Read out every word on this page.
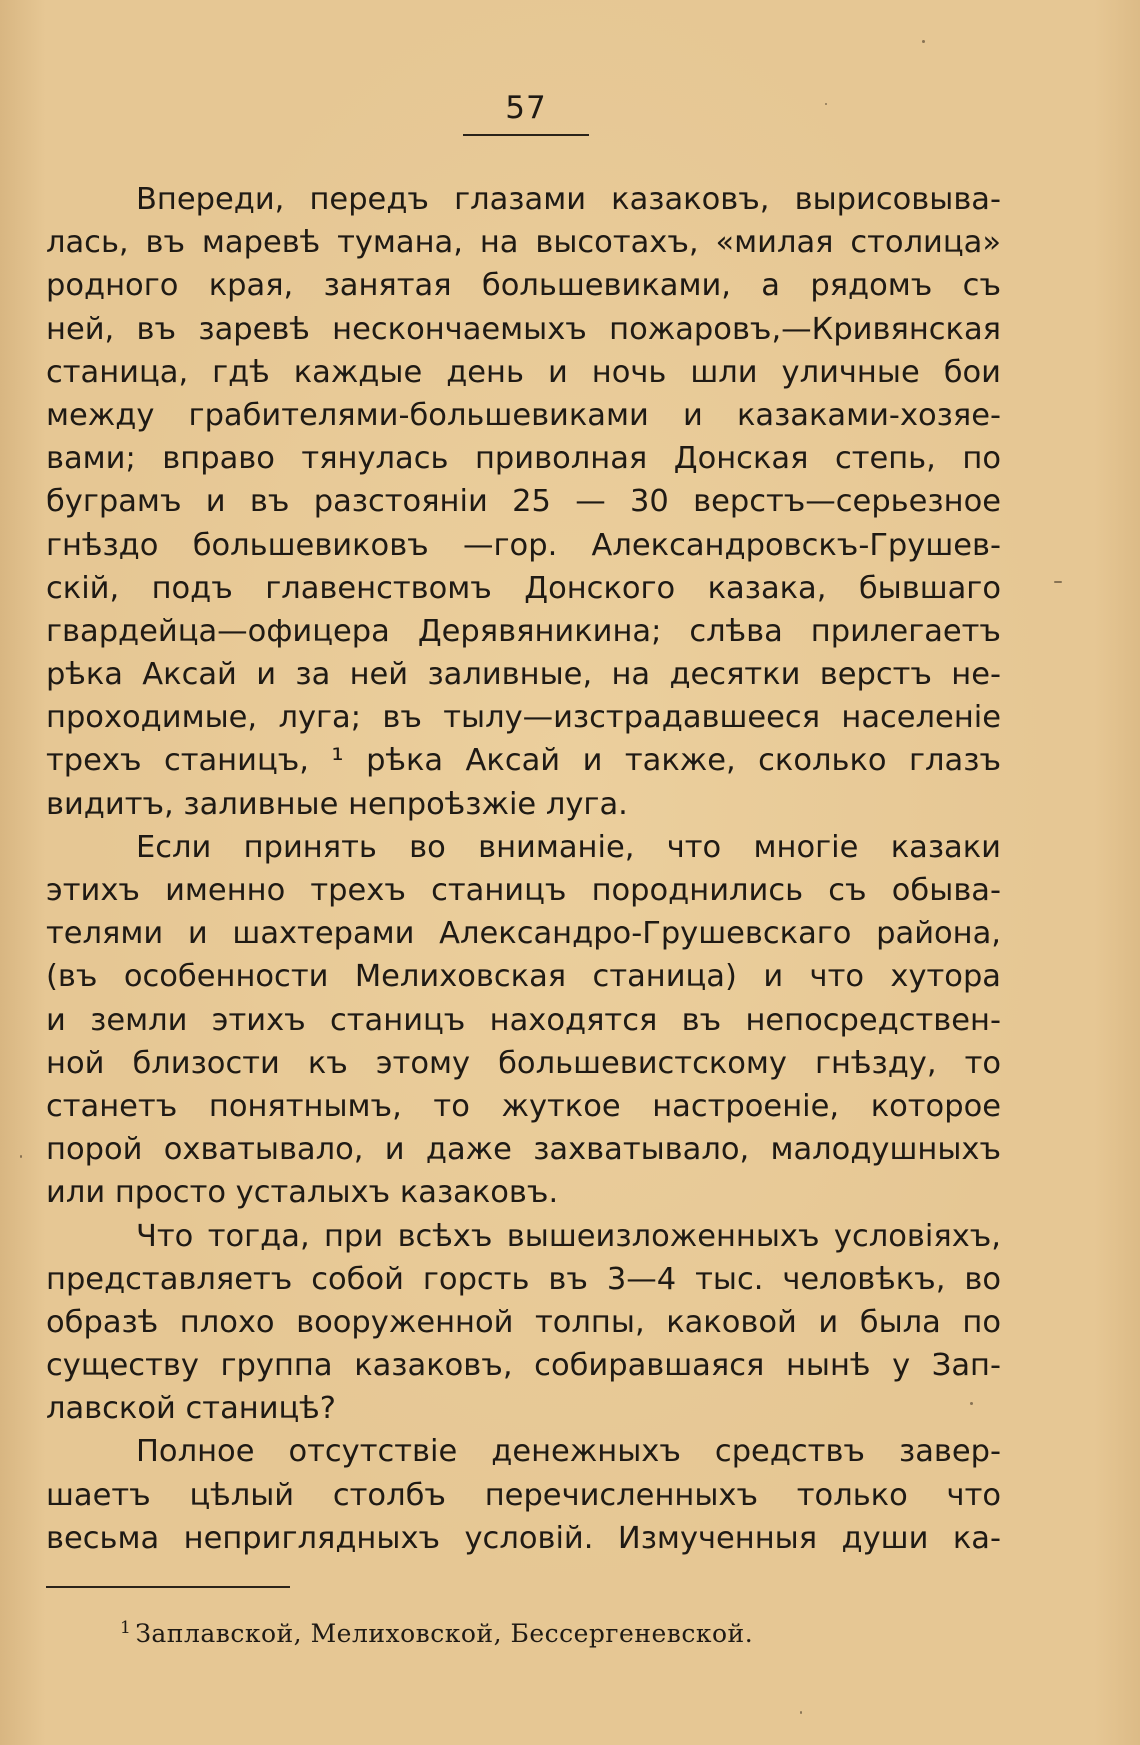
57
Впереди, передъ глазами казаковъ, вырисовыва-
лась, въ маревѣ тумана, на высотахъ, «милая столица»
родного края, занятая большевиками, а рядомъ съ
ней, въ заревѣ нескончаемыхъ пожаровъ,—Кривянская
станица, гдѣ каждые день и ночь шли уличные бои
между грабителями-большевиками и казаками-хозяе-
вами; вправо тянулась приволная Донская степь, по
буграмъ и въ разстояніи 25 — 30 верстъ—серьезное
гнѣздо большевиковъ —гор. Александровскъ-Грушев-
скій, подъ главенствомъ Донского казака, бывшаго
гвардейца—офицера Дерявяникина; слѣва прилегаетъ
рѣка Аксай и за ней заливные, на десятки верстъ не-
проходимые, луга; въ тылу—изстрадавшееся населеніе
трехъ станицъ, ¹ рѣка Аксай и также, сколько глазъ
видитъ, заливные непроѣзжіе луга.
Если принять во вниманіе, что многіе казаки
этихъ именно трехъ станицъ породнились съ обыва-
телями и шахтерами Александро-Грушевскаго района,
(въ особенности Мелиховская станица) и что хутора
и земли этихъ станицъ находятся въ непосредствен-
ной близости къ этому большевистскому гнѣзду, то
станетъ понятнымъ, то жуткое настроеніе, которое
порой охватывало, и даже захватывало, малодушныхъ
или просто усталыхъ казаковъ.
Что тогда, при всѣхъ вышеизложенныхъ условіяхъ,
представляетъ собой горсть въ 3—4 тыс. человѣкъ, во
образѣ плохо вооруженной толпы, каковой и была по
существу группа казаковъ, собиравшаяся нынѣ у Зап-
лавской станицѣ?
Полное отсутствіе денежныхъ средствъ завер-
шаетъ цѣлый столбъ перечисленныхъ только что
весьма неприглядныхъ условій. Измученныя души ка-
$^1$ Заплавской, Мелиховской, Бессергеневской.
